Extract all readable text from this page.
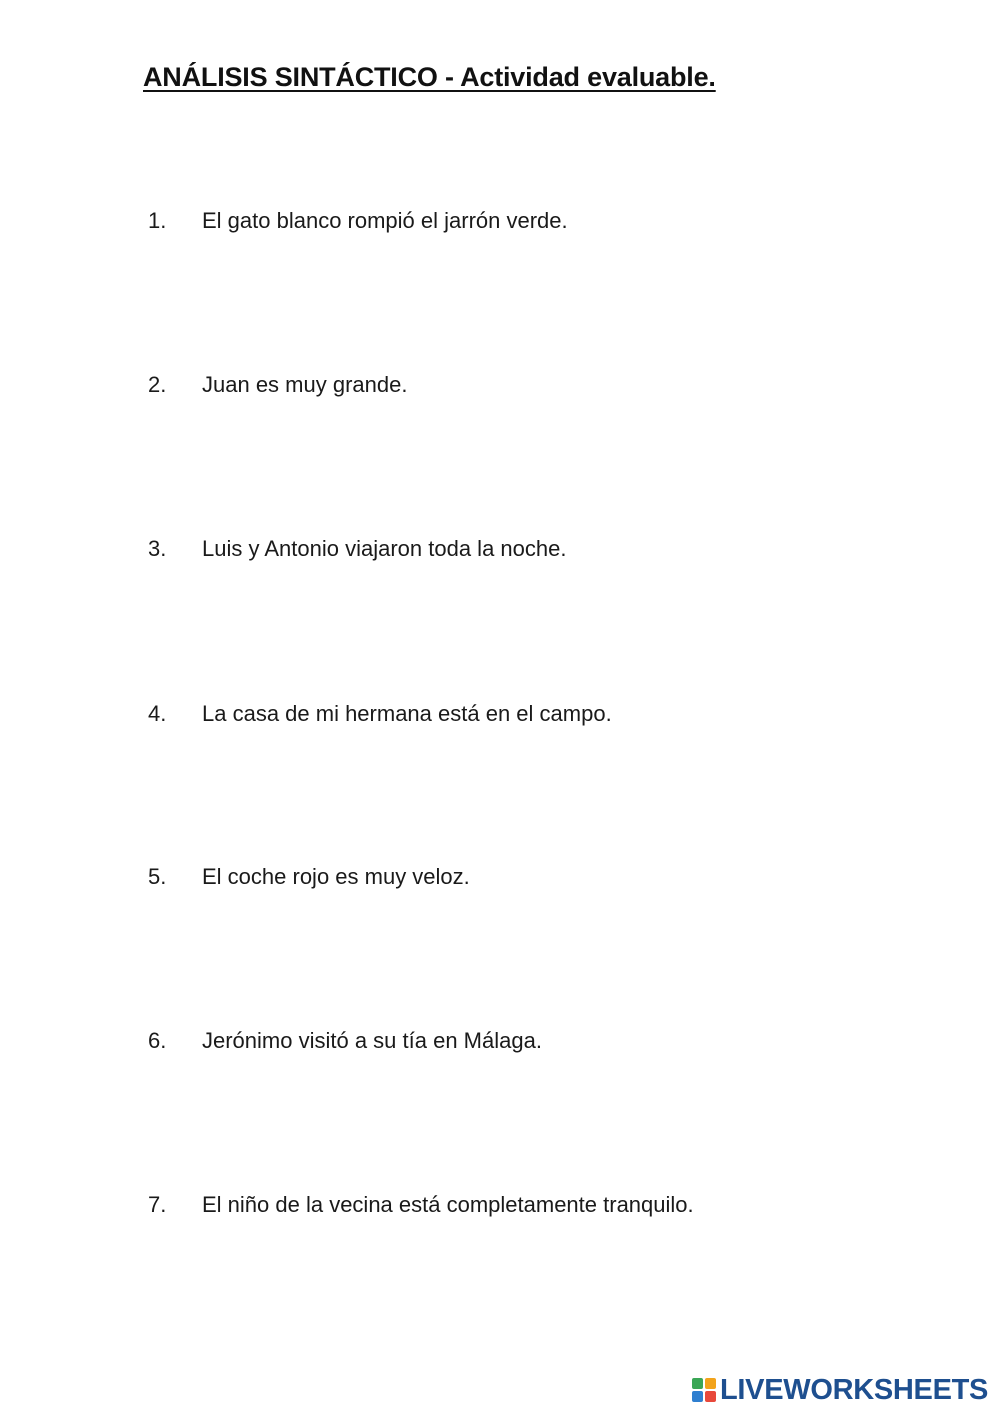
ANÁLISIS SINTÁCTICO - Actividad evaluable.
1. El gato blanco rompió el jarrón verde.
2. Juan es muy grande.
3. Luis y Antonio viajaron toda la noche.
4. La casa de mi hermana está en el campo.
5. El coche rojo es muy veloz.
6. Jerónimo visitó a su tía en Málaga.
7. El niño de la vecina está completamente tranquilo.
LIVEWORKSHEETS
